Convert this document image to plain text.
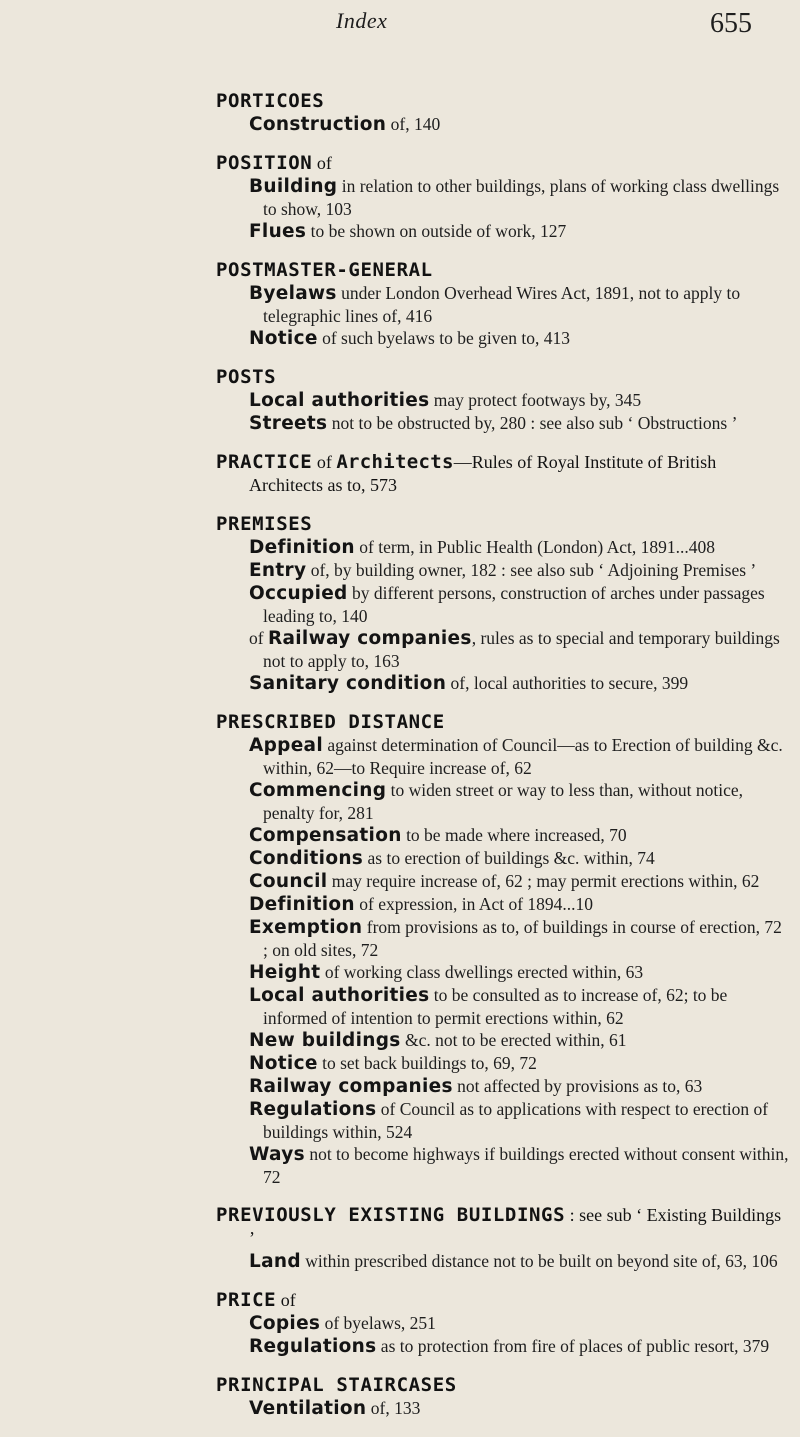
Index	655
PORTICOES
Construction of, 140
POSITION of
Building in relation to other buildings, plans of working class dwellings to show, 103
Flues to be shown on outside of work, 127
POSTMASTER-GENERAL
Byelaws under London Overhead Wires Act, 1891, not to apply to telegraphic lines of, 416
Notice of such byelaws to be given to, 413
POSTS
Local authorities may protect footways by, 345
Streets not to be obstructed by, 280 : see also sub ‘ Obstructions ’
PRACTICE of Architects—Rules of Royal Institute of British Architects as to, 573
PREMISES
Definition of term, in Public Health (London) Act, 1891...408
Entry of, by building owner, 182 : see also sub ‘ Adjoining Premises ’
Occupied by different persons, construction of arches under passages leading to, 140
of Railway companies, rules as to special and temporary buildings not to apply to, 163
Sanitary condition of, local authorities to secure, 399
PRESCRIBED DISTANCE
Appeal against determination of Council—as to Erection of building &c. within, 62—to Require increase of, 62
Commencing to widen street or way to less than, without notice, penalty for, 281
Compensation to be made where increased, 70
Conditions as to erection of buildings &c. within, 74
Council may require increase of, 62 ; may permit erections within, 62
Definition of expression, in Act of 1894...10
Exemption from provisions as to, of buildings in course of erection, 72 ; on old sites, 72
Height of working class dwellings erected within, 63
Local authorities to be consulted as to increase of, 62; to be informed of intention to permit erections within, 62
New buildings &c. not to be erected within, 61
Notice to set back buildings to, 69, 72
Railway companies not affected by provisions as to, 63
Regulations of Council as to applications with respect to erection of buildings within, 524
Ways not to become highways if buildings erected without consent within, 72
PREVIOUSLY EXISTING BUILDINGS : see sub ‘ Existing Buildings ’
Land within prescribed distance not to be built on beyond site of, 63, 106
PRICE of
Copies of byelaws, 251
Regulations as to protection from fire of places of public resort, 379
PRINCIPAL STAIRCASES
Ventilation of, 133
